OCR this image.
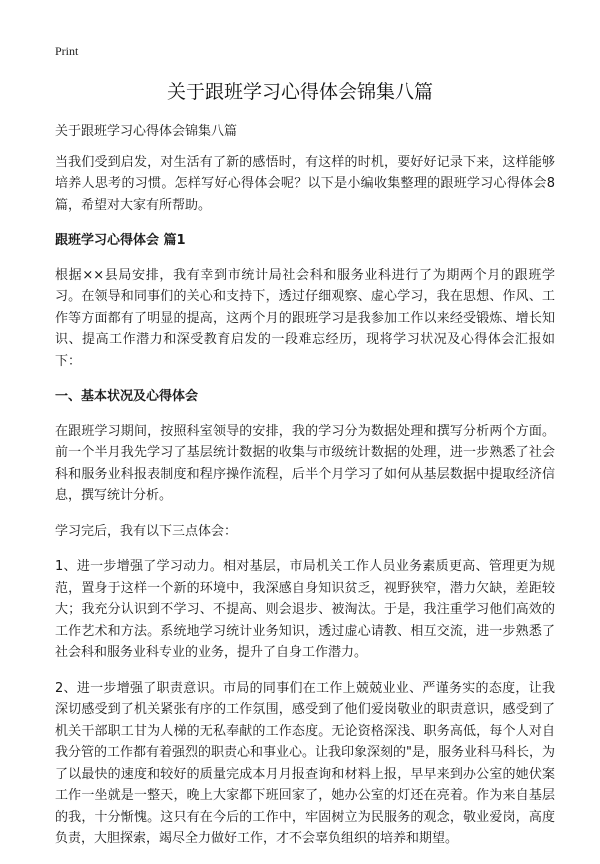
Print
关于跟班学习心得体会锦集八篇

关于跟班学习心得体会锦集八篇

当我们受到启发，对生活有了新的感悟时，有这样的时机，要好好记录下来，这样能够培养人思考的习惯。怎样写好心得体会呢？以下是小编收集整理的跟班学习心得体会8篇，希望对大家有所帮助。

跟班学习心得体会 篇1

根据××县局安排，我有幸到市统计局社会科和服务业科进行了为期两个月的跟班学习。在领导和同事们的关心和支持下，透过仔细观察、虚心学习，我在思想、作风、工作等方面都有了明显的提高，这两个月的跟班学习是我参加工作以来经受锻炼、增长知识、提高工作潜力和深受教育启发的一段难忘经历，现将学习状况及心得体会汇报如下：

一、基本状况及心得体会

在跟班学习期间，按照科室领导的安排，我的学习分为数据处理和撰写分析两个方面。前一个半月我先学习了基层统计数据的收集与市级统计数据的处理，进一步熟悉了社会科和服务业科报表制度和程序操作流程，后半个月学习了如何从基层数据中提取经济信息，撰写统计分析。

学习完后，我有以下三点体会：

1、进一步增强了学习动力。相对基层，市局机关工作人员业务素质更高、管理更为规范，置身于这样一个新的环境中，我深感自身知识贫乏，视野狭窄，潜力欠缺，差距较大；我充分认识到不学习、不提高、则会退步、被淘汰。于是，我注重学习他们高效的工作艺术和方法。系统地学习统计业务知识，透过虚心请教、相互交流，进一步熟悉了社会科和服务业科专业的业务，提升了自身工作潜力。

2、进一步增强了职责意识。市局的同事们在工作上兢兢业业、严谨务实的态度，让我深切感受到了机关紧张有序的工作氛围，感受到了他们爱岗敬业的职责意识，感受到了机关干部职工甘为人梯的无私奉献的工作态度。无论资格深浅、职务高低，每个人对自我分管的工作都有着强烈的职责心和事业心。让我印象深刻的"是，服务业科马科长，为了以最快的速度和较好的质量完成本月月报查询和材料上报，早早来到办公室的她伏案工作一坐就是一整天，晚上大家都下班回家了，她办公室的灯还在亮着。作为来自基层的我，十分惭愧。这只有在今后的工作中，牢固树立为民服务的观念，敬业爱岗，高度负责，大胆探索，竭尽全力做好工作，才不会辜负组织的培养和期望。
